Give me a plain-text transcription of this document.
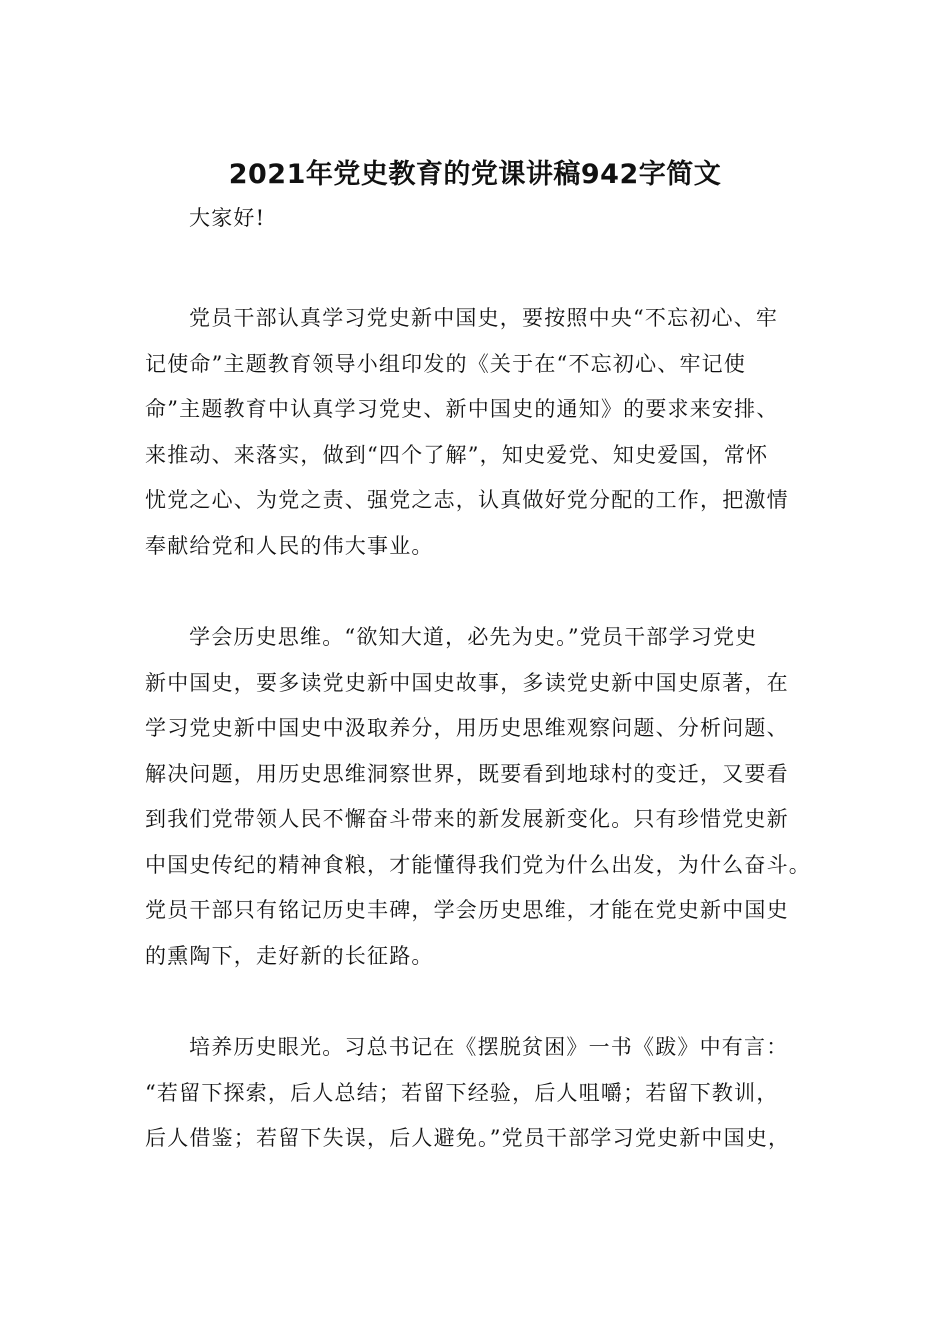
2021年党史教育的党课讲稿942字简文
大家好!
党员干部认真学习党史新中国史，要按照中央“不忘初心、牢
记使命”主题教育领导小组印发的《关于在“不忘初心、牢记使
命”主题教育中认真学习党史、新中国史的通知》的要求来安排、
来推动、来落实，做到“四个了解”，知史爱党、知史爱国，常怀
忧党之心、为党之责、强党之志，认真做好党分配的工作，把激情
奉献给党和人民的伟大事业。
学会历史思维。“欲知大道，必先为史。”党员干部学习党史
新中国史，要多读党史新中国史故事，多读党史新中国史原著，在
学习党史新中国史中汲取养分，用历史思维观察问题、分析问题、
解决问题，用历史思维洞察世界，既要看到地球村的变迁，又要看
到我们党带领人民不懈奋斗带来的新发展新变化。只有珍惜党史新
中国史传纪的精神食粮，才能懂得我们党为什么出发，为什么奋斗。
党员干部只有铭记历史丰碑，学会历史思维，才能在党史新中国史
的熏陶下，走好新的长征路。
培养历史眼光。习总书记在《摆脱贫困》一书《跋》中有言：
“若留下探索，后人总结；若留下经验，后人咀嚼；若留下教训，
后人借鉴；若留下失误，后人避免。”党员干部学习党史新中国史，
